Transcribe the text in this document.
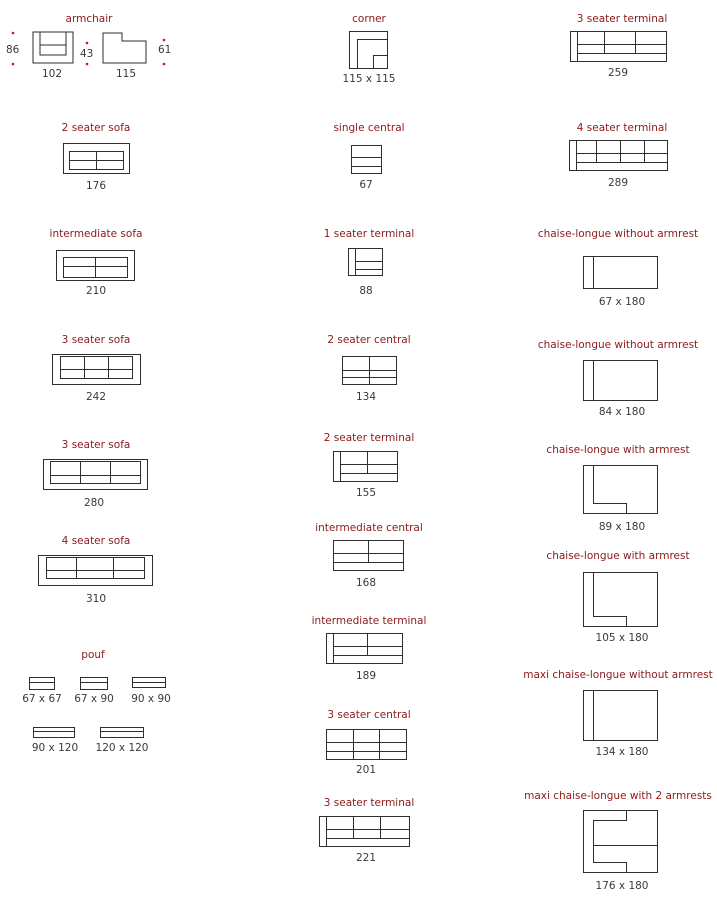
armchair
86	43	61
102	115
2 seater sofa
176
intermediate sofa
210
3 seater sofa
242
3 seater sofa
280
4 seater sofa
310
pouf
67 x 67 67 x 90 90 x 90
90 x 120 120 x 120
corner
115 x 115
single central
67
1 seater terminal
88
2 seater central
134
2 seater terminal
155
intermediate central
168
intermediate terminal
189
3 seater central
201
3 seater terminal
221
3 seater terminal
259
4 seater terminal
289
chaise-longue without armrest
67 x 180
chaise-longue without armrest
84 x 180
chaise-longue with armrest
89 x 180
chaise-longue with armrest
105 x 180
maxi chaise-longue without armrest
134 x 180
maxi chaise-longue with 2 armrests
176 x 180
